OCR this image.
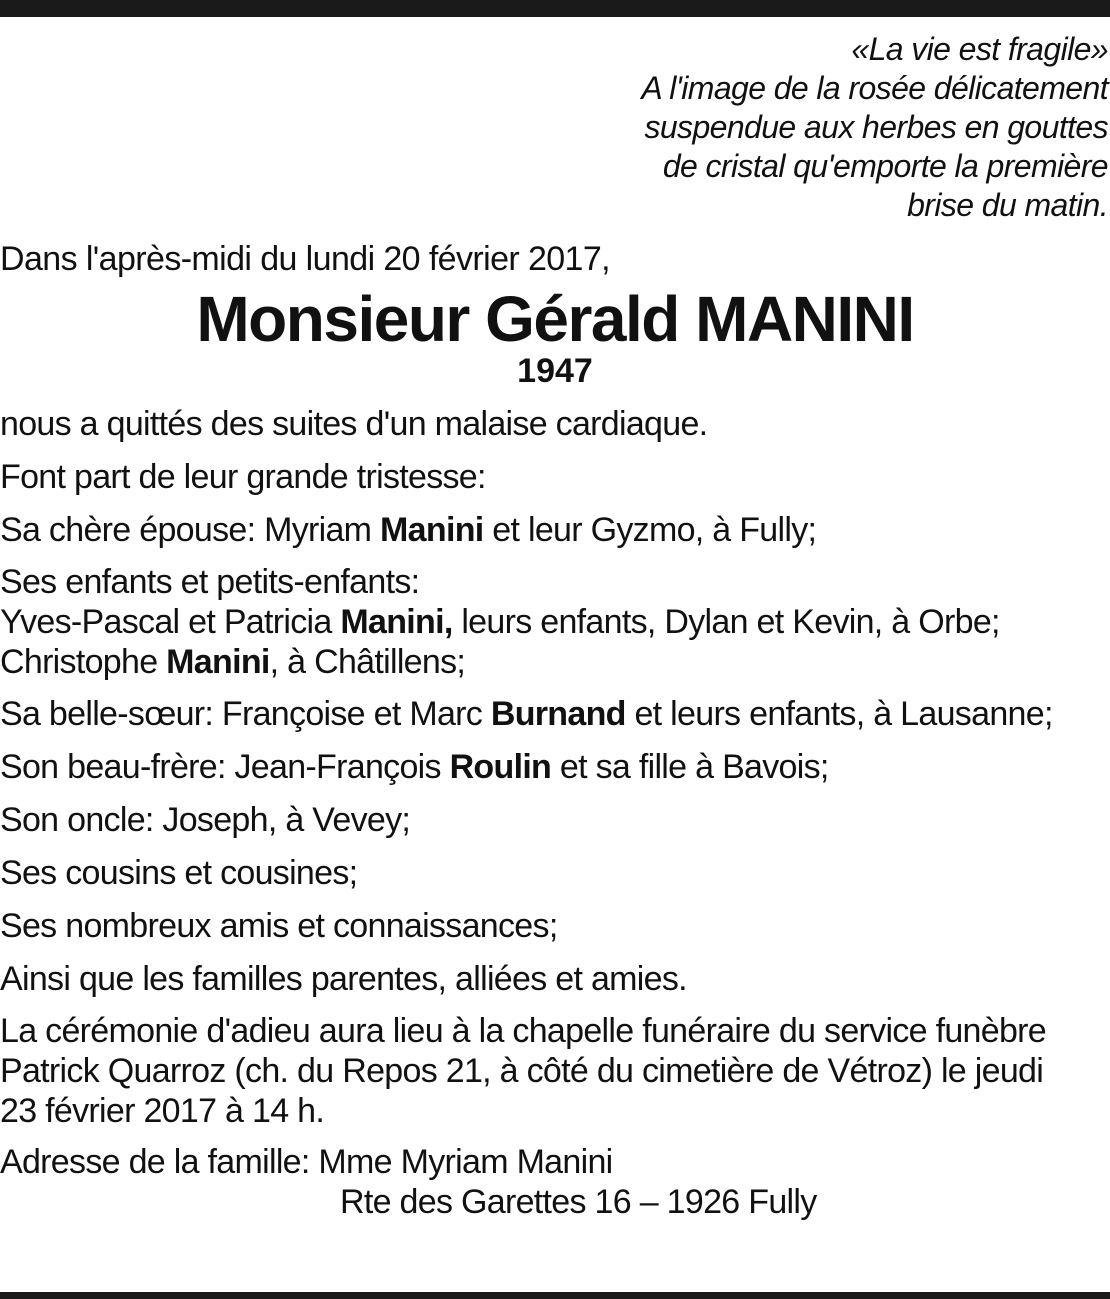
«La vie est fragile»
A l'image de la rosée délicatement
suspendue aux herbes en gouttes
de cristal qu'emporte la première
brise du matin.
Dans l'après-midi du lundi 20 février 2017,
Monsieur Gérald MANINI
1947
nous a quittés des suites d'un malaise cardiaque.
Font part de leur grande tristesse:
Sa chère épouse: Myriam Manini et leur Gyzmo, à Fully;
Ses enfants et petits-enfants:
Yves-Pascal et Patricia Manini, leurs enfants, Dylan et Kevin, à Orbe;
Christophe Manini, à Châtillens;
Sa belle-sœur: Françoise et Marc Burnand et leurs enfants, à Lausanne;
Son beau-frère: Jean-François Roulin et sa fille à Bavois;
Son oncle: Joseph, à Vevey;
Ses cousins et cousines;
Ses nombreux amis et connaissances;
Ainsi que les familles parentes, alliées et amies.
La cérémonie d'adieu aura lieu à la chapelle funéraire du service funèbre
Patrick Quarroz (ch. du Repos 21, à côté du cimetière de Vétroz) le jeudi
23 février 2017 à 14 h.
Adresse de la famille: Mme Myriam Manini
Rte des Garettes 16 – 1926 Fully
